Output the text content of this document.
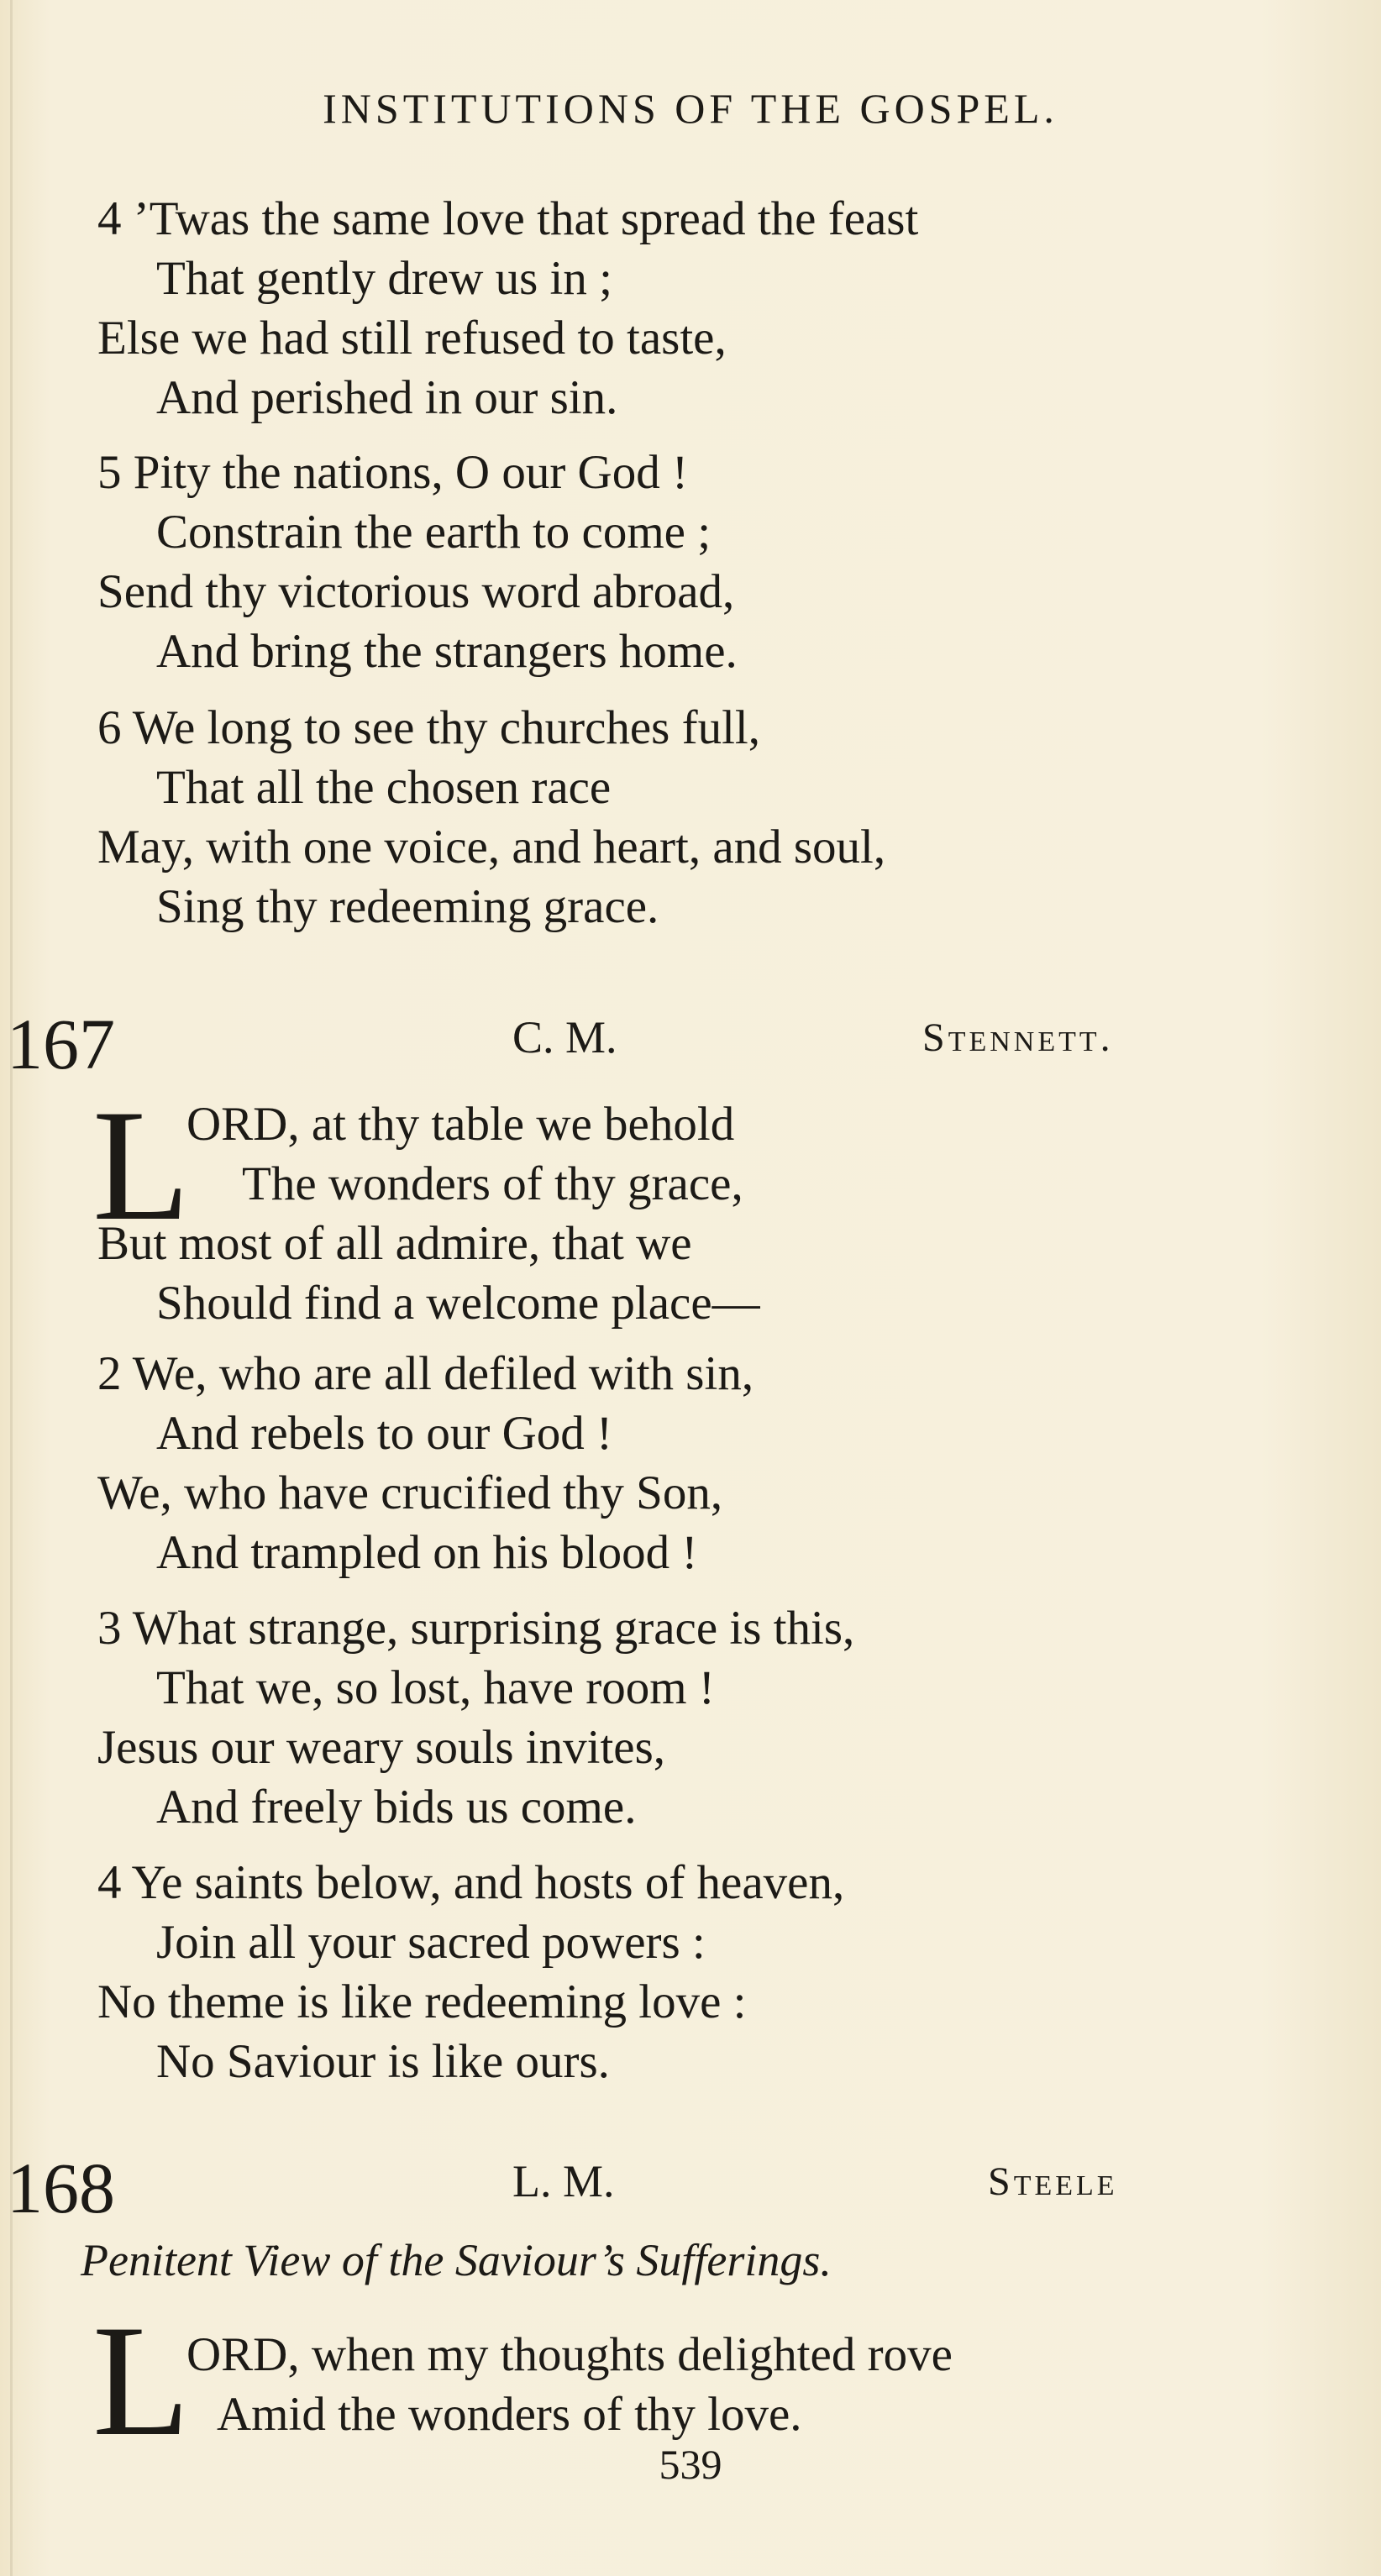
INSTITUTIONS OF THE GOSPEL.
4 ’Twas the same love that spread the feast
That gently drew us in ;
Else we had still refused to taste,
And perished in our sin.
5 Pity the nations, O our God !
Constrain the earth to come ;
Send thy victorious word abroad,
And bring the strangers home.
6 We long to see thy churches full,
That all the chosen race
May, with one voice, and heart, and soul,
Sing thy redeeming grace.
167	C. M.	Stennett.
L
ORD, at thy table we behold
The wonders of thy grace,
But most of all admire, that we
Should find a welcome place—
2 We, who are all defiled with sin,
And rebels to our God !
We, who have crucified thy Son,
And trampled on his blood !
3 What strange, surprising grace is this,
That we, so lost, have room !
Jesus our weary souls invites,
And freely bids us come.
4 Ye saints below, and hosts of heaven,
Join all your sacred powers :
No theme is like redeeming love :
No Saviour is like ours.
168	L. M.	Steele
Penitent View of the Saviour’s Sufferings.
L
ORD, when my thoughts delighted rove
Amid the wonders of thy love.
539
